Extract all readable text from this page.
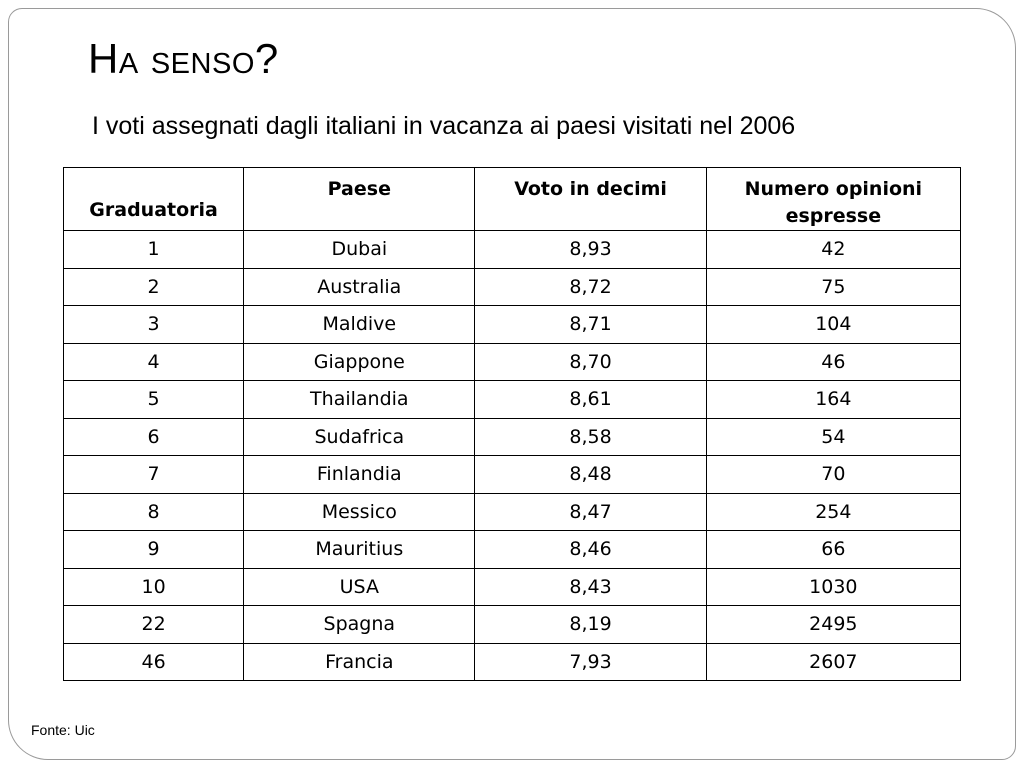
Ha senso?
I voti assegnati dagli italiani in vacanza ai paesi visitati nel 2006
Graduatoria	Paese	Voto in decimi	Numero opinioni espresse
1	Dubai	8,93	42
2	Australia	8,72	75
3	Maldive	8,71	104
4	Giappone	8,70	46
5	Thailandia	8,61	164
6	Sudafrica	8,58	54
7	Finlandia	8,48	70
8	Messico	8,47	254
9	Mauritius	8,46	66
10	USA	8,43	1030
22	Spagna	8,19	2495
46	Francia	7,93	2607
Fonte: Uic
